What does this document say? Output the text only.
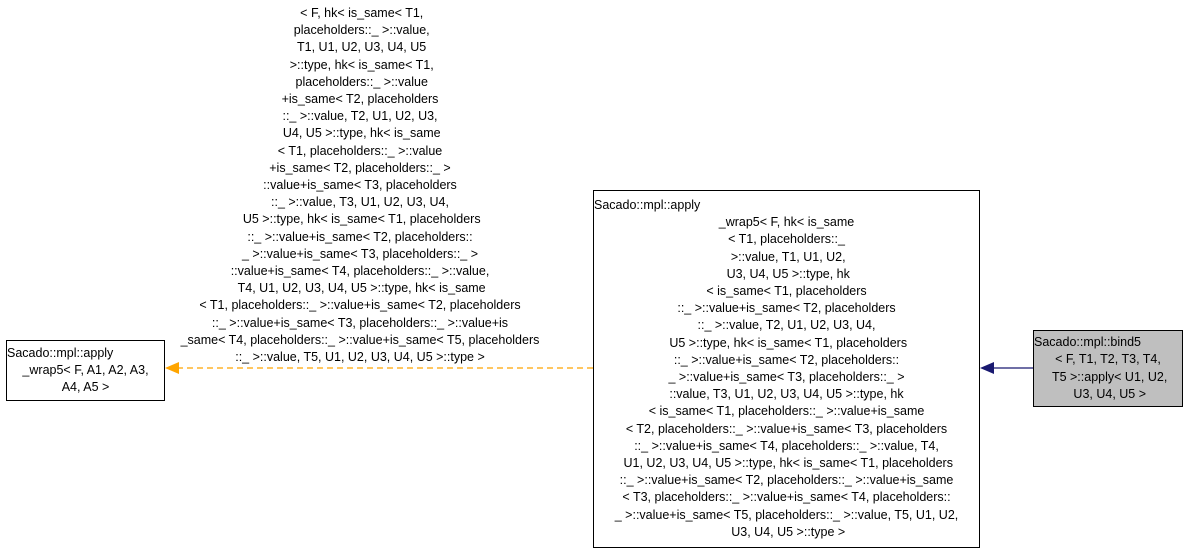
Sacado::mpl::apply
_wrap5< F, A1, A2, A3,
A4, A5 >
Sacado::mpl::apply
_wrap5< F, hk< is_same
< T1, placeholders::_
>::value, T1, U1, U2,
U3, U4, U5 >::type, hk
< is_same< T1, placeholders
::_ >::value+is_same< T2, placeholders
::_ >::value, T2, U1, U2, U3, U4,
U5 >::type, hk< is_same< T1, placeholders
::_ >::value+is_same< T2, placeholders::
_ >::value+is_same< T3, placeholders::_ >
::value, T3, U1, U2, U3, U4, U5 >::type, hk
< is_same< T1, placeholders::_ >::value+is_same
< T2, placeholders::_ >::value+is_same< T3, placeholders
::_ >::value+is_same< T4, placeholders::_ >::value, T4,
U1, U2, U3, U4, U5 >::type, hk< is_same< T1, placeholders
::_ >::value+is_same< T2, placeholders::_ >::value+is_same
< T3, placeholders::_ >::value+is_same< T4, placeholders::
_ >::value+is_same< T5, placeholders::_ >::value, T5, U1, U2,
U3, U4, U5 >::type >
Sacado::mpl::bind5
< F, T1, T2, T3, T4,
T5 >::apply< U1, U2,
U3, U4, U5 >
< F, hk< is_same< T1,
placeholders::_ >::value,
T1, U1, U2, U3, U4, U5
>::type, hk< is_same< T1,
placeholders::_ >::value
+is_same< T2, placeholders
::_ >::value, T2, U1, U2, U3,
U4, U5 >::type, hk< is_same
< T1, placeholders::_ >::value
+is_same< T2, placeholders::_ >
::value+is_same< T3, placeholders
::_ >::value, T3, U1, U2, U3, U4,
U5 >::type, hk< is_same< T1, placeholders
::_ >::value+is_same< T2, placeholders::
_ >::value+is_same< T3, placeholders::_ >
::value+is_same< T4, placeholders::_ >::value,
T4, U1, U2, U3, U4, U5 >::type, hk< is_same
< T1, placeholders::_ >::value+is_same< T2, placeholders
::_ >::value+is_same< T3, placeholders::_ >::value+is
_same< T4, placeholders::_ >::value+is_same< T5, placeholders
::_ >::value, T5, U1, U2, U3, U4, U5 >::type >
